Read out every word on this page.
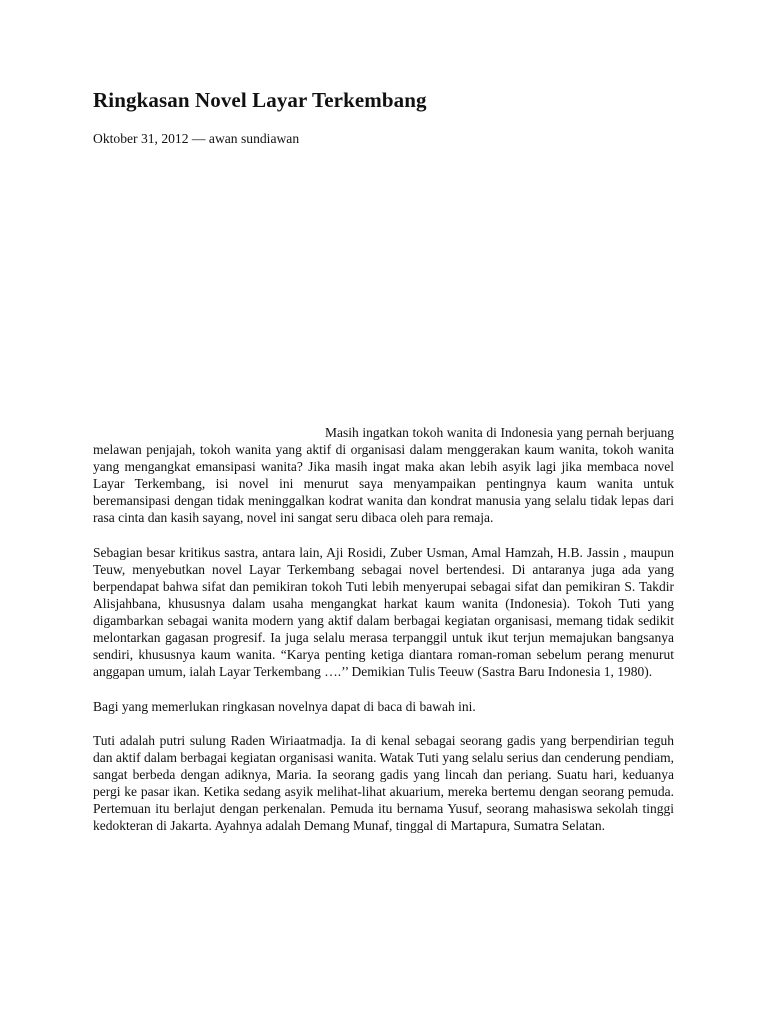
Ringkasan Novel Layar Terkembang
Oktober 31, 2012 — awan sundiawan

Masih ingatkan tokoh wanita di Indonesia yang pernah berjuang melawan penjajah, tokoh wanita yang aktif di organisasi dalam menggerakan kaum wanita, tokoh wanita yang mengangkat emansipasi wanita? Jika masih ingat maka akan lebih asyik lagi jika membaca novel Layar Terkembang, isi novel ini menurut saya menyampaikan pentingnya kaum wanita untuk beremansipasi dengan tidak meninggalkan kodrat wanita dan kondrat manusia yang selalu tidak lepas dari rasa cinta dan kasih sayang, novel ini sangat seru dibaca oleh para remaja.

Sebagian besar kritikus sastra, antara lain, Aji Rosidi, Zuber Usman, Amal Hamzah, H.B. Jassin , maupun Teuw, menyebutkan novel Layar Terkembang sebagai novel bertendesi. Di antaranya juga ada yang berpendapat bahwa sifat dan pemikiran tokoh Tuti lebih menyerupai sebagai sifat dan pemikiran S. Takdir Alisjahbana, khususnya dalam usaha mengangkat harkat kaum wanita (Indonesia). Tokoh Tuti yang digambarkan sebagai wanita modern yang aktif dalam berbagai kegiatan organisasi, memang tidak sedikit melontarkan gagasan progresif. Ia juga selalu merasa terpanggil untuk ikut terjun memajukan bangsanya sendiri, khususnya kaum wanita. “Karya penting ketiga diantara roman-roman sebelum perang menurut anggapan umum, ialah Layar Terkembang ….’’ Demikian Tulis Teeuw (Sastra Baru Indonesia 1, 1980).

Bagi yang memerlukan ringkasan novelnya dapat di baca di bawah ini.

Tuti adalah putri sulung Raden Wiriaatmadja. Ia di kenal sebagai seorang gadis yang berpendirian teguh dan aktif dalam berbagai kegiatan organisasi wanita. Watak Tuti yang selalu serius dan cenderung pendiam, sangat berbeda dengan adiknya, Maria. Ia seorang gadis yang lincah dan periang. Suatu hari, keduanya pergi ke pasar ikan. Ketika sedang asyik melihat-lihat akuarium, mereka bertemu dengan seorang pemuda. Pertemuan itu berlajut dengan perkenalan. Pemuda itu bernama Yusuf, seorang mahasiswa sekolah tinggi kedokteran di Jakarta. Ayahnya adalah Demang Munaf, tinggal di Martapura, Sumatra Selatan.
